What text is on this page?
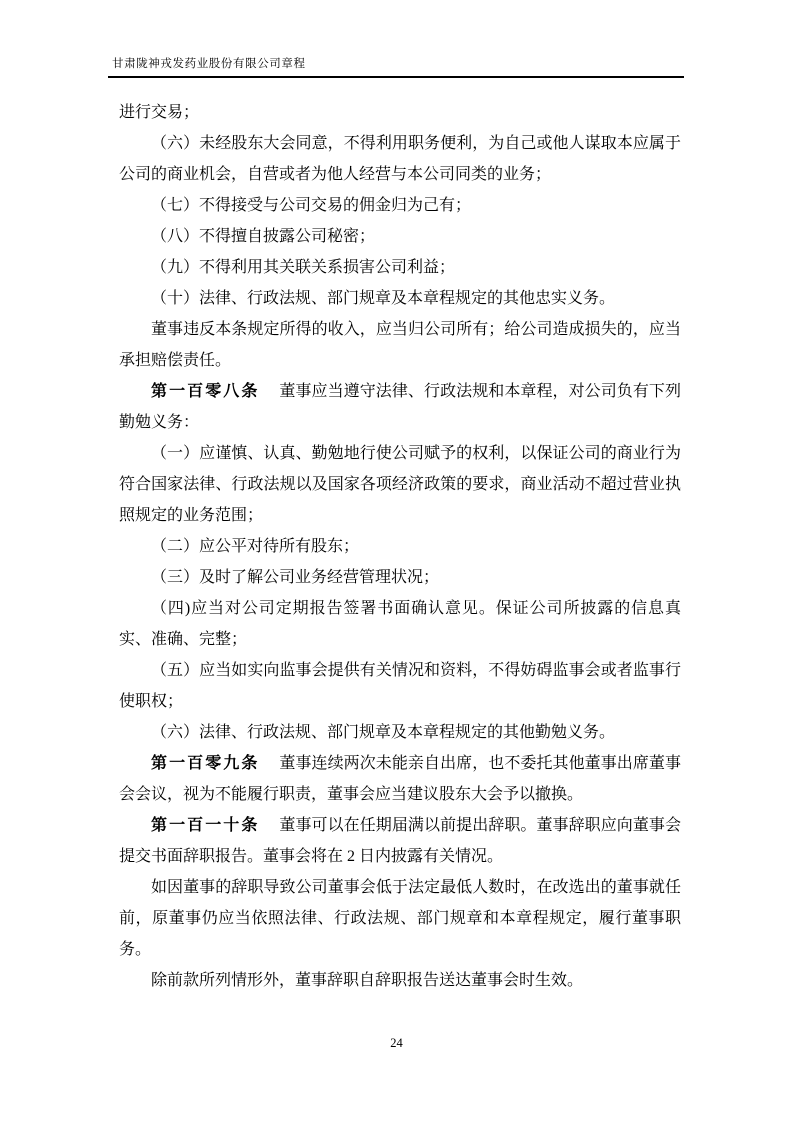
甘肃陇神戎发药业股份有限公司章程

进行交易；

（六）未经股东大会同意，不得利用职务便利，为自己或他人谋取本应属于公司的商业机会，自营或者为他人经营与本公司同类的业务；

（七）不得接受与公司交易的佣金归为己有；

（八）不得擅自披露公司秘密；

（九）不得利用其关联关系损害公司利益；

（十）法律、行政法规、部门规章及本章程规定的其他忠实义务。

董事违反本条规定所得的收入，应当归公司所有；给公司造成损失的，应当承担赔偿责任。

第一百零八条 董事应当遵守法律、行政法规和本章程，对公司负有下列勤勉义务：

（一）应谨慎、认真、勤勉地行使公司赋予的权利，以保证公司的商业行为符合国家法律、行政法规以及国家各项经济政策的要求，商业活动不超过营业执照规定的业务范围；

（二）应公平对待所有股东；

（三）及时了解公司业务经营管理状况；

（四)应当对公司定期报告签署书面确认意见。保证公司所披露的信息真实、准确、完整；

（五）应当如实向监事会提供有关情况和资料，不得妨碍监事会或者监事行使职权；

（六）法律、行政法规、部门规章及本章程规定的其他勤勉义务。

第一百零九条 董事连续两次未能亲自出席，也不委托其他董事出席董事会会议，视为不能履行职责，董事会应当建议股东大会予以撤换。

第一百一十条 董事可以在任期届满以前提出辞职。董事辞职应向董事会提交书面辞职报告。董事会将在 2 日内披露有关情况。

如因董事的辞职导致公司董事会低于法定最低人数时，在改选出的董事就任前，原董事仍应当依照法律、行政法规、部门规章和本章程规定，履行董事职务。

除前款所列情形外，董事辞职自辞职报告送达董事会时生效。

24
